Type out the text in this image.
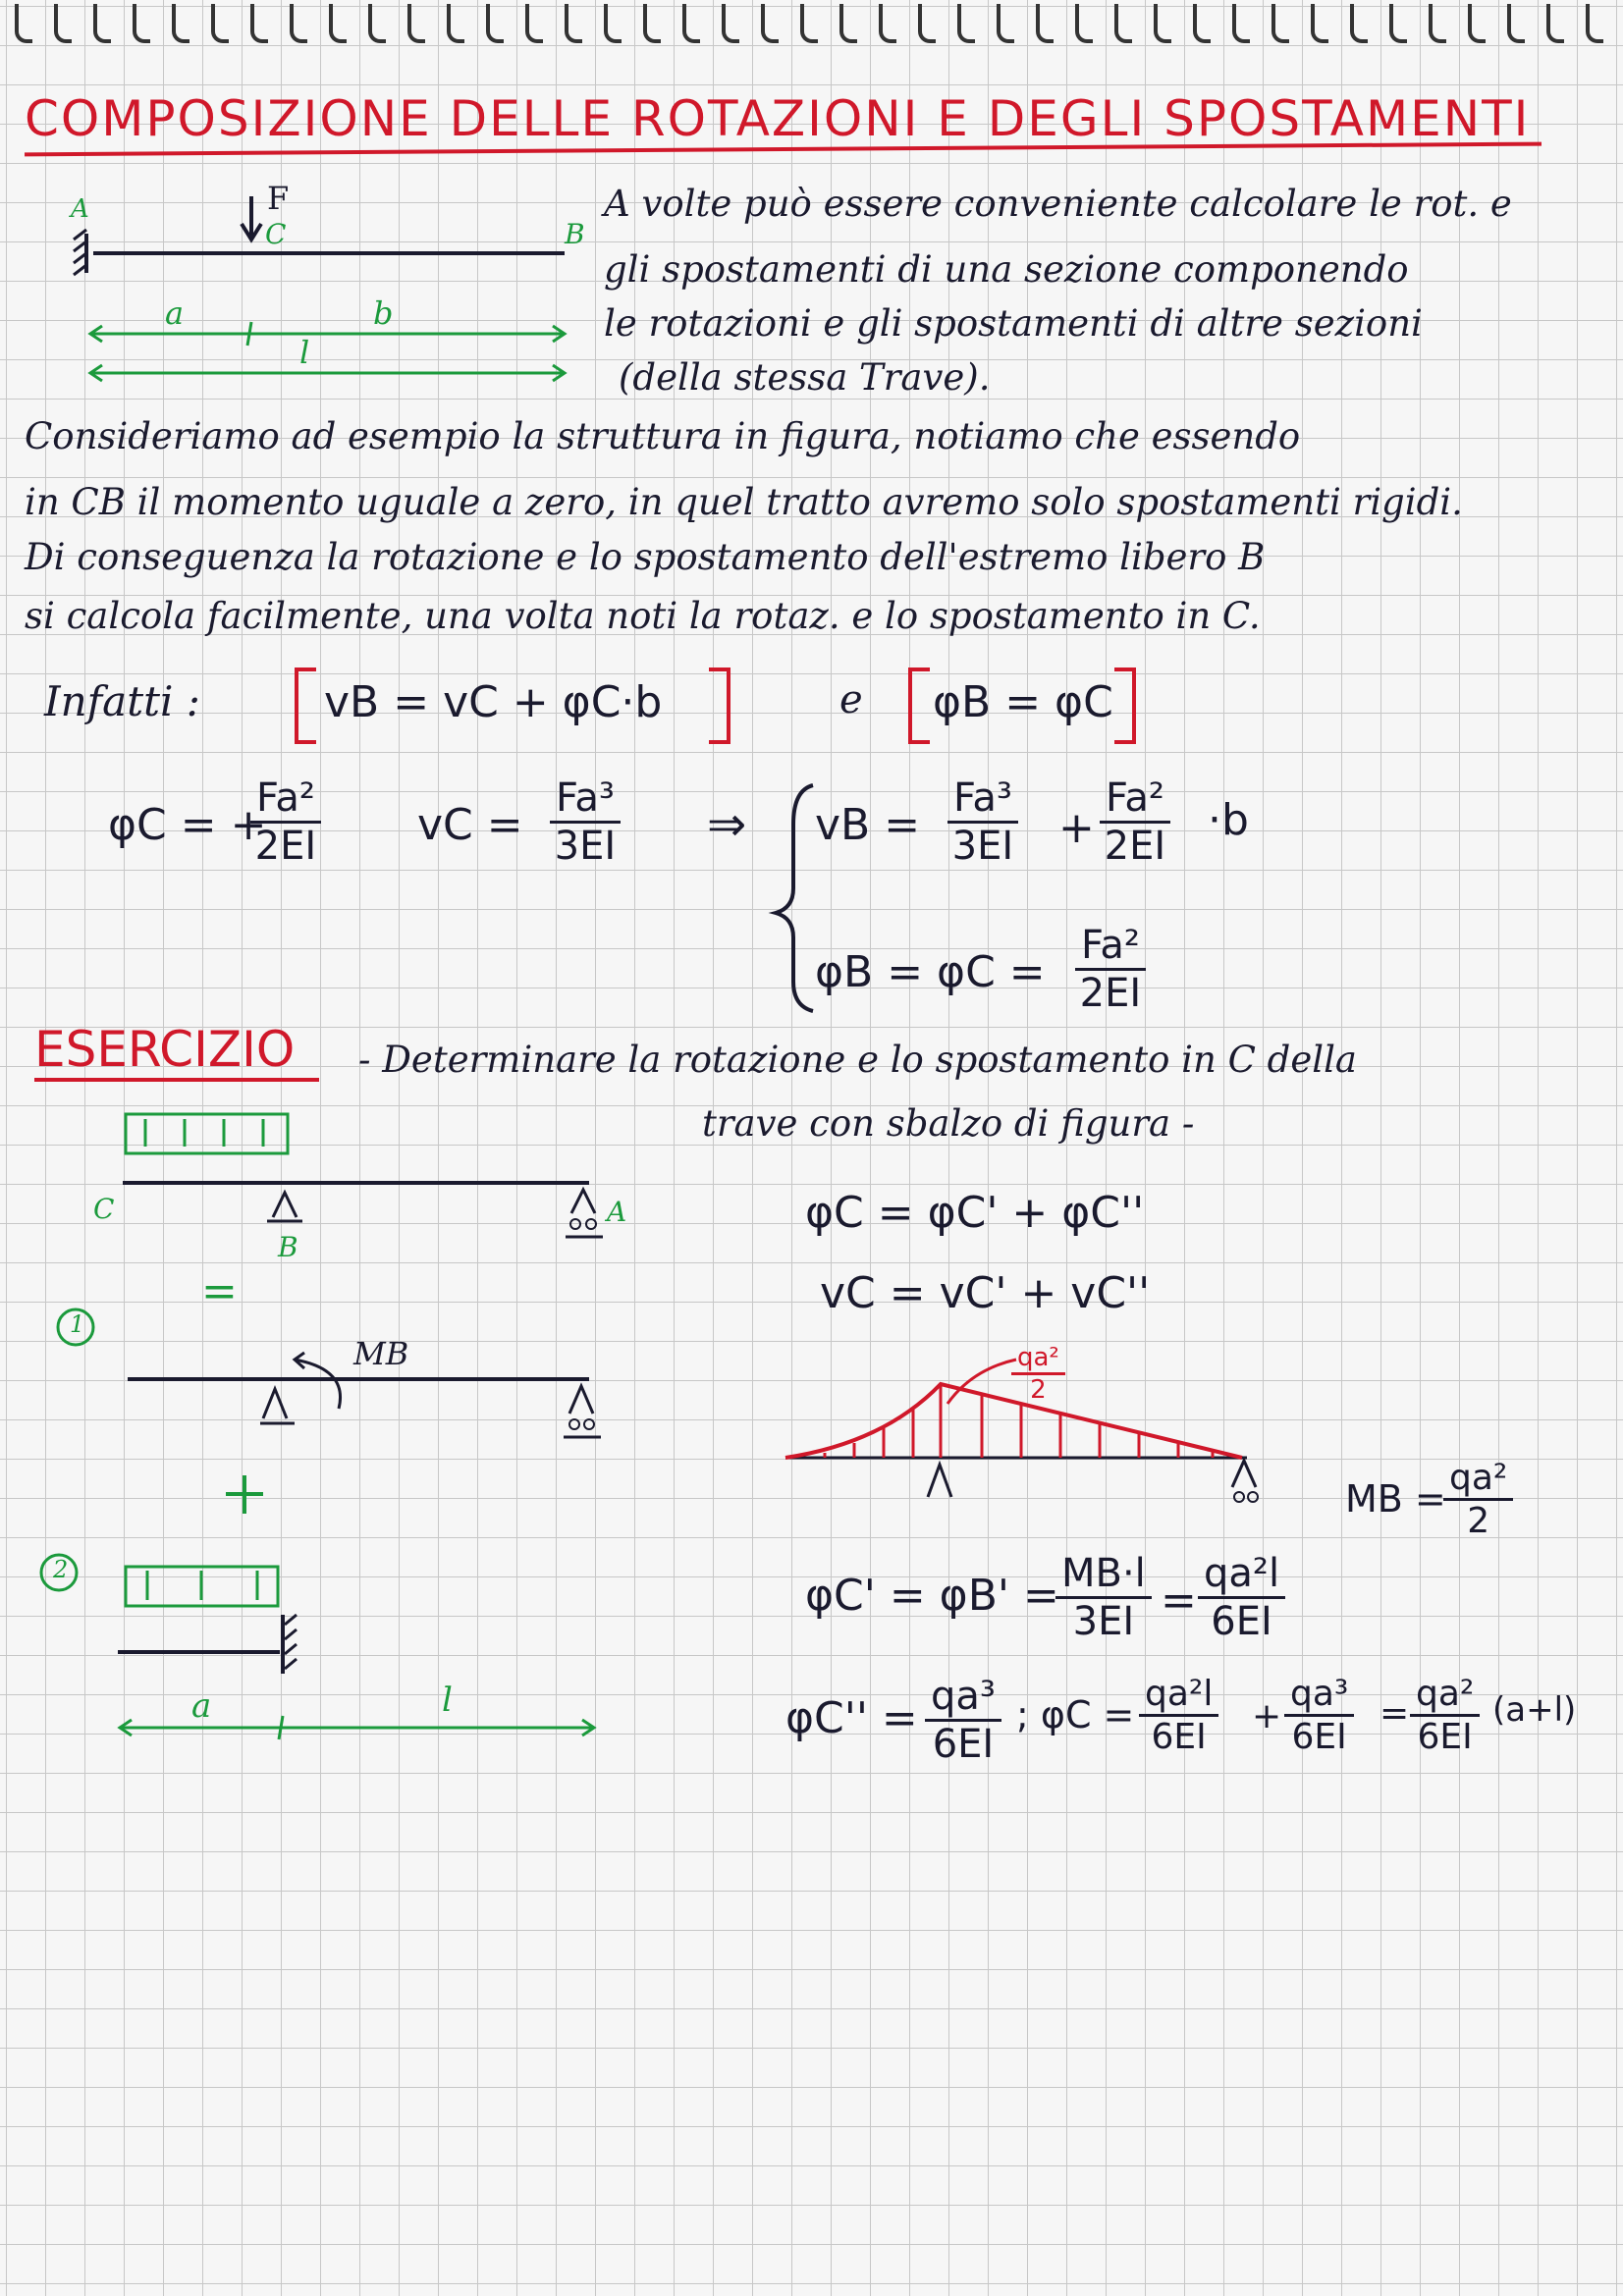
COMPOSIZIONE DELLE ROTAZIONI E DEGLI SPOSTAMENTI
A volte può essere conveniente calcolare le rot. e
gli spostamenti di una sezione componendo
le rotazioni e gli spostamenti di altre sezioni
(della stessa Trave).
A	F
C	B
a	b
l
Consideriamo ad esempio la struttura in figura, notiamo che essendo
in CB il momento uguale a zero, in quel tratto avremo solo spostamenti rigidi.
Di conseguenza la rotazione e lo spostamento dell'estremo libero B
si calcola facilmente, una volta noti la rotaz. e lo spostamento in C.
Infatti :	vB = vC + φC·b	e φB = φC
φC = +
$\frac{\text{Fa²}}{2EI}$ vC = $\frac{\text{Fa³}}{3EI}$ ⇒ vB = $\frac{\text{Fa³}}{3EI} + \frac{\text{Fa²}}{2EI} \cdot b$
$\varphi B = \varphi C = \frac{\text{Fa²}}{2EI}$
ESERCIZIO - Determinare la rotazione e lo spostamento in C della
trave con sbalzo di figura -
C
B
A
=
1
MB
2
a	l
φC = φC' + φC''
vC = vC' + vC''
$\frac{\text{qa²}}{2}$
MB =
$\frac{\text{qa²}}{2}$
φC' = φB' =
$\frac{MB\cdot l}{3EI} = \frac{\text{qa²l}}{6EI}$
$\varphi C'' = \frac{\text{qa³}}{6EI}$ ; $\varphi C = \frac{\text{qa²l}}{6EI} + \frac{\text{qa³}}{6EI} = \frac{\text{qa²}}{6EI} (a+l)$
